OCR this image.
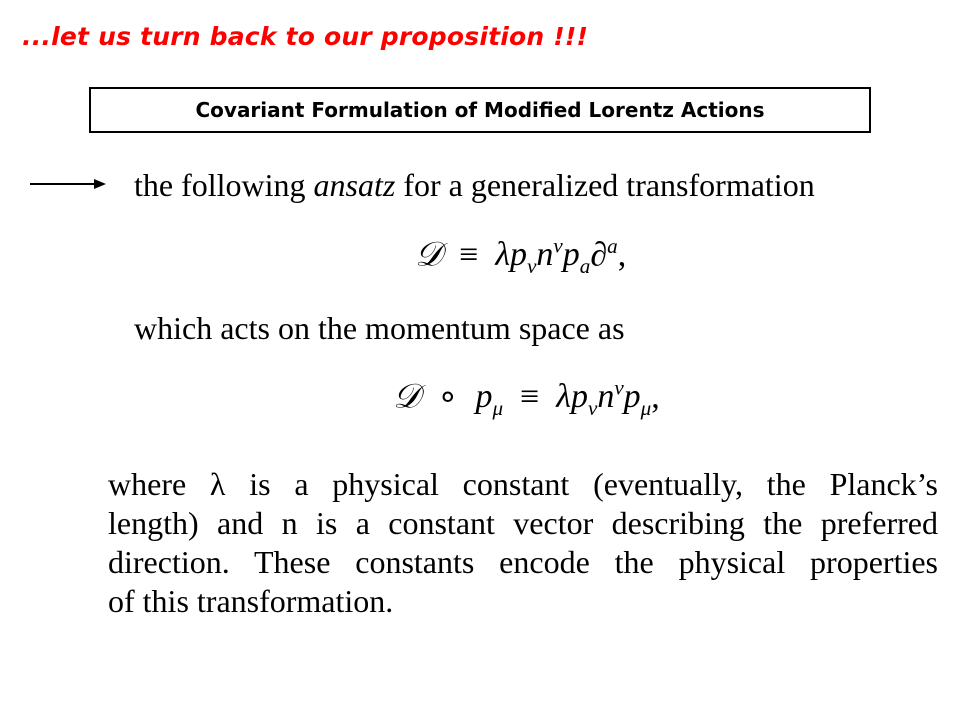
...let us turn back to our proposition !!!
Covariant Formulation of Modified Lorentz Actions
the following ansatz for a generalized transformation
𝒟  ≡  $\lambda p_\nu n^\nu p_a\partial^a$,
which acts on the momentum space as
𝒟  ∘  $p_\mu \equiv \lambda p_\nu n^\nu p_\mu$,
where λ is a physical constant (eventually, the Planck’s
length) and n is a constant vector describing the preferred
direction. These constants encode the physical properties
of this transformation.
